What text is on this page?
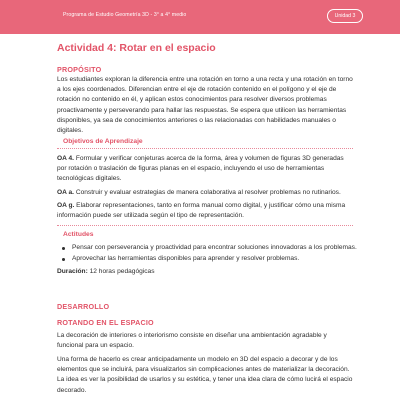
Programa de Estudio Geometría 3D - 3° a 4° medio	Unidad 3
Actividad 4: Rotar en el espacio
PROPÓSITO
Los estudiantes exploran la diferencia entre una rotación en torno a una recta y una rotación en torno a los ejes coordenados. Diferencian entre el eje de rotación contenido en el polígono y el eje de rotación no contenido en él, y aplican estos conocimientos para resolver diversos problemas proactivamente y perseverando para hallar las respuestas. Se espera que utilicen las herramientas disponibles, ya sea de conocimientos anteriores o las relacionadas con habilidades manuales o digitales.
Objetivos de Aprendizaje
OA 4. Formular y verificar conjeturas acerca de la forma, área y volumen de figuras 3D generadas por rotación o traslación de figuras planas en el espacio, incluyendo el uso de herramientas tecnológicas digitales.
OA a. Construir y evaluar estrategias de manera colaborativa al resolver problemas no rutinarios.
OA g. Elaborar representaciones, tanto en forma manual como digital, y justificar cómo una misma información puede ser utilizada según el tipo de representación.
Actitudes
Pensar con perseverancia y proactividad para encontrar soluciones innovadoras a los problemas.
Aprovechar las herramientas disponibles para aprender y resolver problemas.
Duración: 12 horas pedagógicas
DESARROLLO
ROTANDO EN EL ESPACIO
La decoración de interiores o interiorismo consiste en diseñar una ambientación agradable y funcional para un espacio.
Una forma de hacerlo es crear anticipadamente un modelo en 3D del espacio a decorar y de los elementos que se incluirá, para visualizarlos sin complicaciones antes de materializar la decoración. La idea es ver la posibilidad de usarlos y su estética, y tener una idea clara de cómo lucirá el espacio decorado.
